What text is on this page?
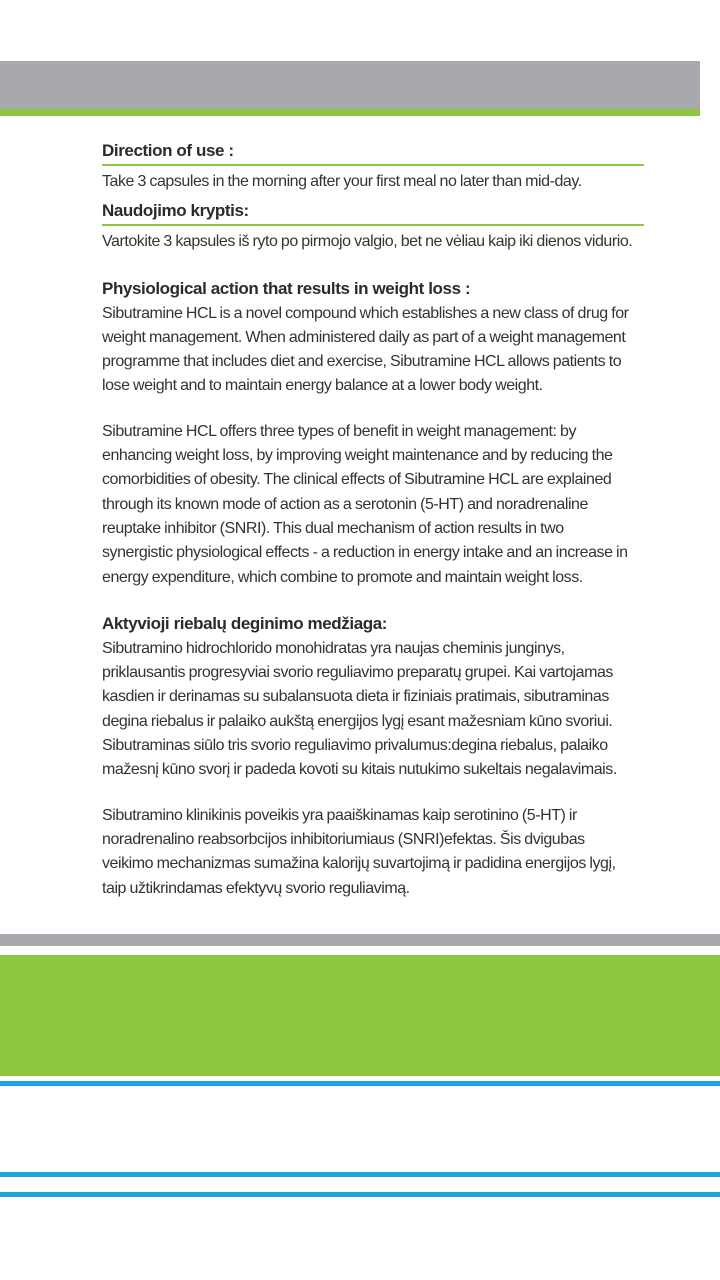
Direction of use :
Take 3 capsules in the morning after your first meal no later than mid-day.
Naudojimo kryptis:
Vartokite 3 kapsules iš ryto po pirmojo valgio, bet ne vėliau kaip iki dienos vidurio.
Physiological action that results in weight loss :
Sibutramine HCL is a novel compound which establishes a new class of drug for
weight management. When administered daily as part of a weight management
programme that includes diet and exercise, Sibutramine HCL allows patients to
lose weight and to maintain energy balance at a lower body weight.
Sibutramine HCL offers three types of benefit in weight management: by
enhancing weight loss, by improving weight maintenance and by reducing the
comorbidities of obesity. The clinical effects of Sibutramine HCL are explained
through its known mode of action as a serotonin (5-HT) and noradrenaline
reuptake inhibitor (SNRI). This dual mechanism of action results in two
synergistic physiological effects - a reduction in energy intake and an increase in
energy expenditure, which combine to promote and maintain weight loss.
Aktyvioji riebalų deginimo medžiaga:
Sibutramino hidrochlorido monohidratas yra naujas cheminis junginys,
priklausantis progresyviai svorio reguliavimo preparatų grupei. Kai vartojamas
kasdien ir derinamas su subalansuota dieta ir fiziniais pratimais, sibutraminas
degina riebalus ir palaiko aukštą energijos lygį esant mažesniam kūno svoriui.
Sibutraminas siūlo tris svorio reguliavimo privalumus:degina riebalus, palaiko
mažesnį kūno svorį ir padeda kovoti su kitais nutukimo sukeltais negalavimais.
Sibutramino klinikinis poveikis yra paaiškinamas kaip serotinino (5-HT) ir
noradrenalino reabsorbcijos inhibitoriumiaus (SNRI)efektas. Šis dvigubas
veikimo mechanizmas sumažina kalorijų suvartojimą ir padidina energijos lygį,
taip užtikrindamas efektyvų svorio reguliavimą.
